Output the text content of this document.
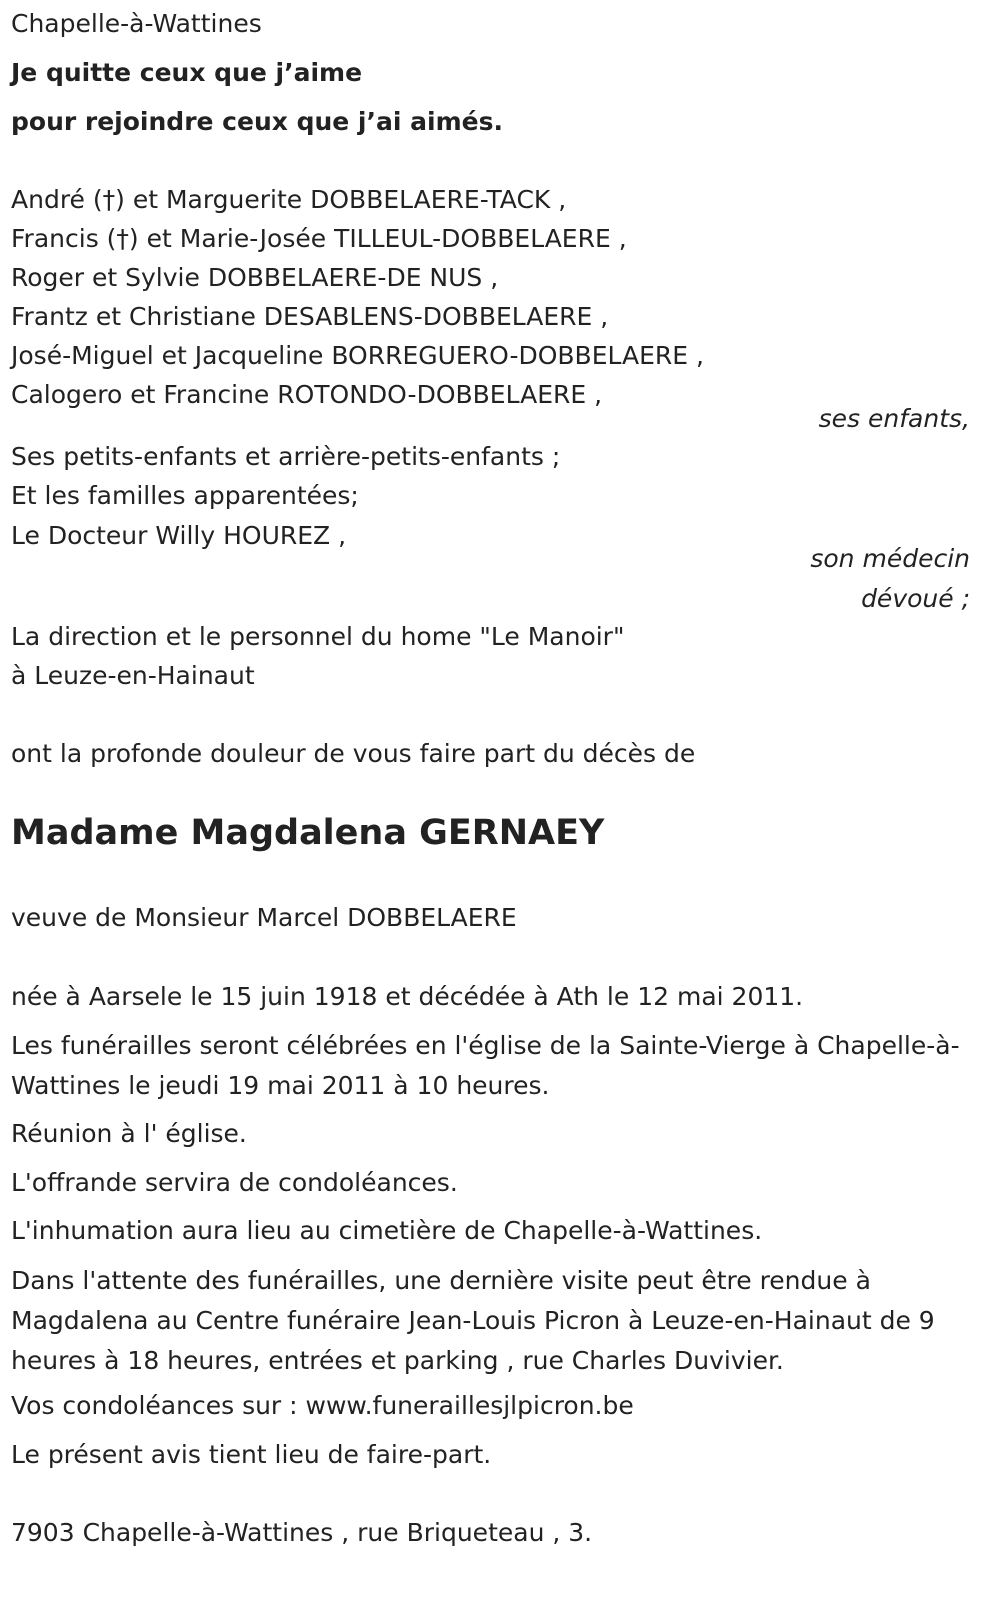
Chapelle-à-Wattines
Je quitte ceux que j’aime
pour rejoindre ceux que j’ai aimés.
André (†) et Marguerite DOBBELAERE-TACK ,
Francis (†) et Marie-Josée TILLEUL-DOBBELAERE ,
Roger et Sylvie DOBBELAERE-DE NUS ,
Frantz et Christiane DESABLENS-DOBBELAERE ,
José-Miguel et Jacqueline BORREGUERO-DOBBELAERE ,
Calogero et Francine ROTONDO-DOBBELAERE ,
ses enfants,
Ses petits-enfants et arrière-petits-enfants ;
Et les familles apparentées;
Le Docteur Willy HOUREZ ,
son médecin
dévoué ;
La direction et le personnel du home "Le Manoir"
à Leuze-en-Hainaut
ont la profonde douleur de vous faire part du décès de
Madame Magdalena GERNAEY
veuve de Monsieur Marcel DOBBELAERE
née à Aarsele le 15 juin 1918 et décédée à Ath le 12 mai 2011.
Les funérailles seront célébrées en l'église de la Sainte-Vierge à Chapelle-à-Wattines le jeudi 19 mai 2011 à 10 heures.
Réunion à l' église.
L'offrande servira de condoléances.
L'inhumation aura lieu au cimetière de Chapelle-à-Wattines.
Dans l'attente des funérailles, une dernière visite peut être rendue à Magdalena au Centre funéraire Jean-Louis Picron à Leuze-en-Hainaut de 9 heures à 18 heures, entrées et parking , rue Charles Duvivier.
Vos condoléances sur : www.funeraillesjlpicron.be
Le présent avis tient lieu de faire-part.
7903 Chapelle-à-Wattines , rue Briqueteau , 3.
